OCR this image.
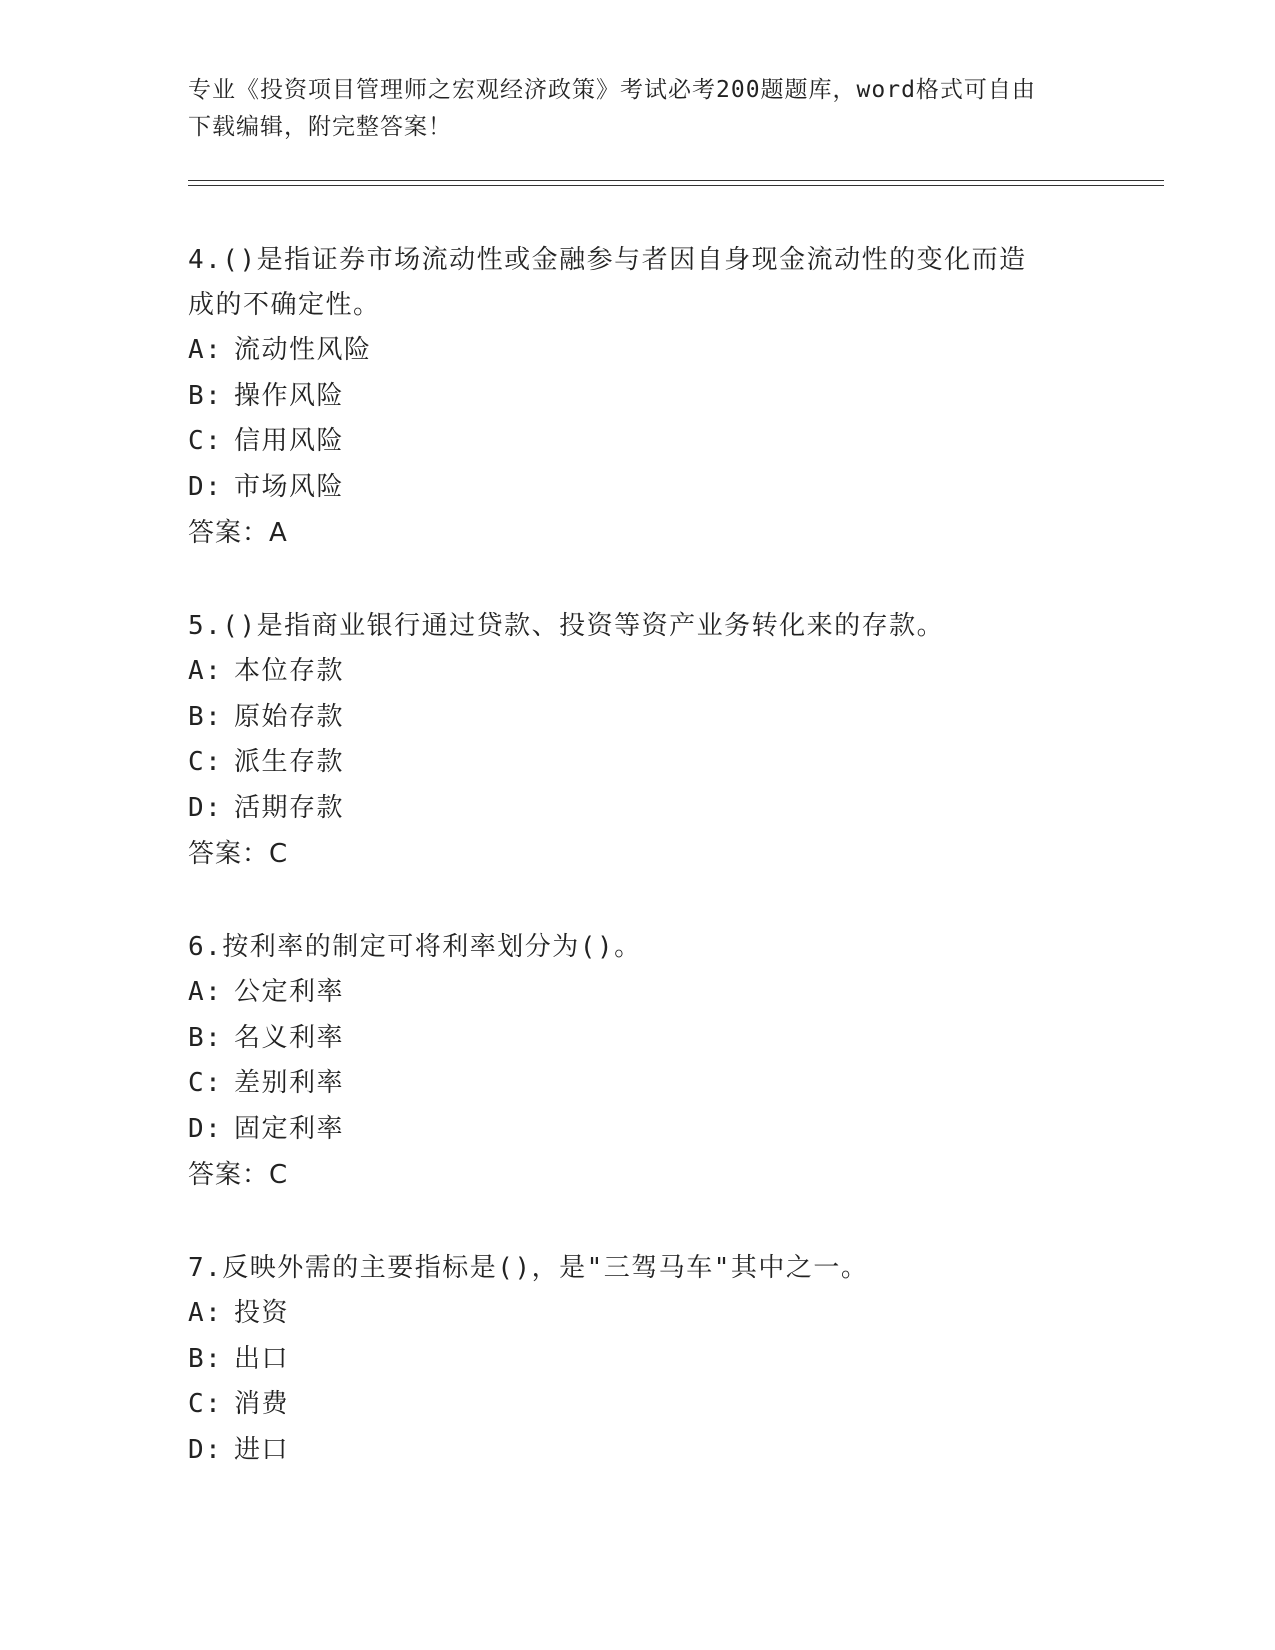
专业《投资项目管理师之宏观经济政策》考试必考200题题库，word格式可自由
下载编辑，附完整答案！

4.()是指证券市场流动性或金融参与者因自身现金流动性的变化而造
成的不确定性。

A: 流动性风险

B: 操作风险

C: 信用风险

D: 市场风险

答案：A

5.()是指商业银行通过贷款、投资等资产业务转化来的存款。

A: 本位存款

B: 原始存款

C: 派生存款

D: 活期存款

答案：C

6.按利率的制定可将利率划分为()。

A: 公定利率

B: 名义利率

C: 差别利率

D: 固定利率

答案：C

7.反映外需的主要指标是()，是"三驾马车"其中之一。

A: 投资

B: 出口

C: 消费

D: 进口
